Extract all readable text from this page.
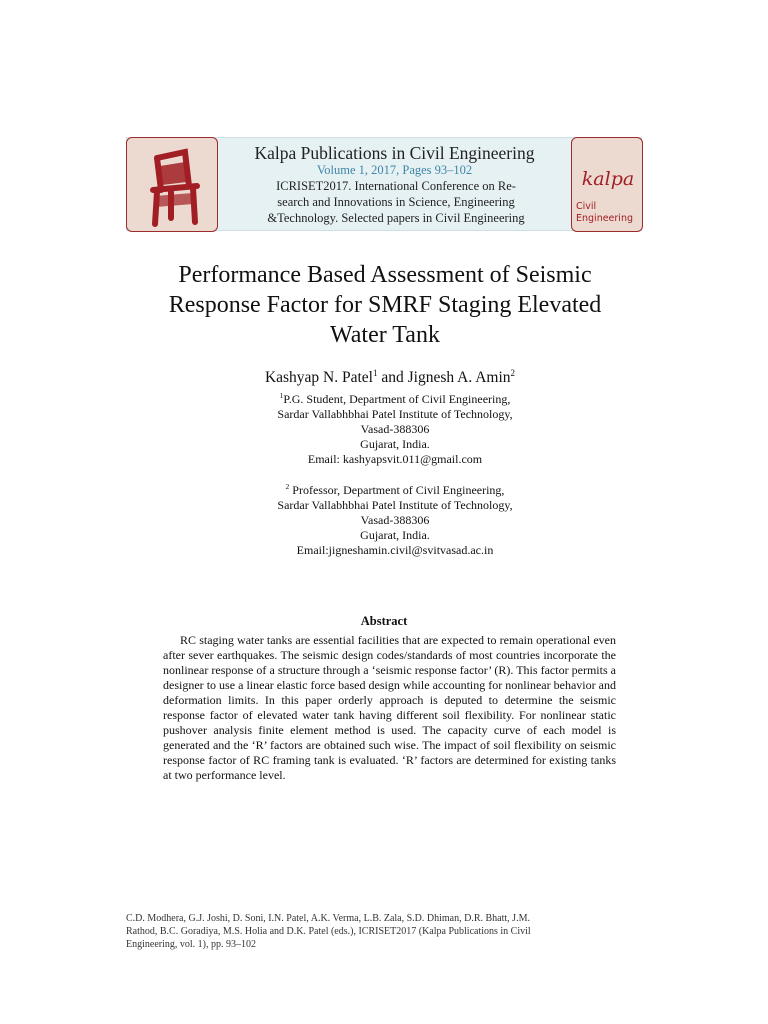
kalpa
Civil
Engineering
Kalpa Publications in Civil Engineering
Volume 1, 2017, Pages 93–102
ICRISET2017. International Conference on Re-
search and Innovations in Science, Engineering
&Technology. Selected papers in Civil Engineering
Performance Based Assessment of Seismic
Response Factor for SMRF Staging Elevated
Water Tank
Kashyap N. Patel$^1$ and Jignesh A. Amin$^2$
$^1$P.G. Student, Department of Civil Engineering,
Sardar Vallabhbhai Patel Institute of Technology,
Vasad-388306
Gujarat, India.
Email: kashyapsvit.011@gmail.com
$^2$ Professor, Department of Civil Engineering,
Sardar Vallabhbhai Patel Institute of Technology,
Vasad-388306
Gujarat, India.
Email:jigneshamin.civil@svitvasad.ac.in
Abstract
RC staging water tanks are essential facilities that are expected to remain operational even after sever earthquakes. The seismic design codes/standards of most countries incorporate the nonlinear response of a structure through a ‘seismic response factor’ (R). This factor permits a designer to use a linear elastic force based design while accounting for nonlinear behavior and deformation limits. In this paper orderly approach is deputed to determine the seismic response factor of elevated water tank having different soil flexibility. For nonlinear static pushover analysis finite element method is used. The capacity curve of each model is generated and the ‘R’ factors are obtained such wise. The impact of soil flexibility on seismic response factor of RC framing tank is evaluated. ‘R’ factors are determined for existing tanks at two performance level.
C.D. Modhera, G.J. Joshi, D. Soni, I.N. Patel, A.K. Verma, L.B. Zala, S.D. Dhiman, D.R. Bhatt, J.M.
Rathod, B.C. Goradiya, M.S. Holia and D.K. Patel (eds.), ICRISET2017 (Kalpa Publications in Civil
Engineering, vol. 1), pp. 93–102
